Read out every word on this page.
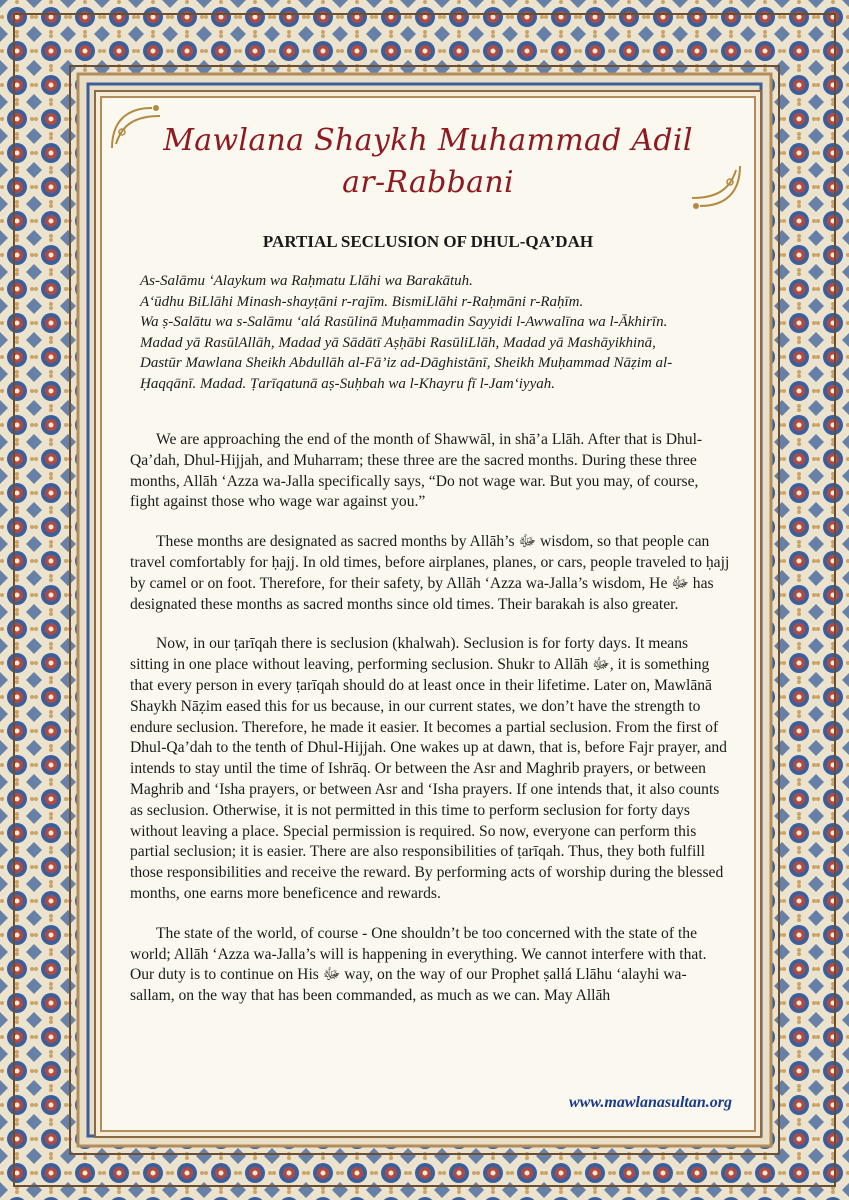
Mawlana Shaykh Muhammad Adil
ar-Rabbani
PARTIAL SECLUSION OF DHUL-QA’DAH
As-Salāmu ‘Alaykum wa Raḥmatu Llāhi wa Barakātuh.
A‘ūdhu BiLlāhi Minash-shayṭāni r-rajīm. BismiLlāhi r-Raḥmāni r-Raḥīm.
Wa ṣ-Salātu wa s-Salāmu ‘alá Rasūlinā Muḥammadin Sayyidi l-Awwalīna wa l-Ākhirīn.
Madad yā RasūlAllāh, Madad yā Sādātī Aṣḥābi RasūliLlāh, Madad yā Mashāyikhinā,
Dastūr Mawlana Sheikh Abdullāh al-Fā’iz ad-Dāghistānī, Sheikh Muḥammad Nāẓim al-
Ḥaqqānī. Madad. Ṭarīqatunā aṣ-Suḥbah wa l-Khayru fī l-Jam‘iyyah.

We are approaching the end of the month of Shawwāl, in shā’a Llāh. After that is Dhul-Qa’dah, Dhul-Hijjah, and Muharram; these three are the sacred months. During these three months, Allāh ‘Azza wa-Jalla specifically says, “Do not wage war. But you may, of course, fight against those who wage war against you.”

These months are designated as sacred months by Allāh’s ﷻ wisdom, so that people can travel comfortably for ḥajj. In old times, before airplanes, planes, or cars, people traveled to ḥajj by camel or on foot. Therefore, for their safety, by Allāh ‘Azza wa-Jalla’s wisdom, He ﷻ has designated these months as sacred months since old times. Their barakah is also greater.

Now, in our ṭarīqah there is seclusion (khalwah). Seclusion is for forty days. It means sitting in one place without leaving, performing seclusion. Shukr to Allāh ﷻ, it is something that every person in every ṭarīqah should do at least once in their lifetime. Later on, Mawlānā Shaykh Nāẓim eased this for us because, in our current states, we don’t have the strength to endure seclusion. Therefore, he made it easier. It becomes a partial seclusion. From the first of Dhul-Qa’dah to the tenth of Dhul-Hijjah. One wakes up at dawn, that is, before Fajr prayer, and intends to stay until the time of Ishrāq. Or between the Asr and Maghrib prayers, or between Maghrib and ‘Isha prayers, or between Asr and ‘Isha prayers. If one intends that, it also counts as seclusion. Otherwise, it is not permitted in this time to perform seclusion for forty days without leaving a place. Special permission is required. So now, everyone can perform this partial seclusion; it is easier. There are also responsibilities of ṭarīqah. Thus, they both fulfill those responsibilities and receive the reward. By performing acts of worship during the blessed months, one earns more beneficence and rewards.

The state of the world, of course - One shouldn’t be too concerned with the state of the world; Allāh ‘Azza wa-Jalla’s will is happening in everything. We cannot interfere with that. Our duty is to continue on His ﷻ way, on the way of our Prophet ṣallá Llāhu ‘alayhi wa-sallam, on the way that has been commanded, as much as we can. May Allāh

www.mawlanasultan.org
